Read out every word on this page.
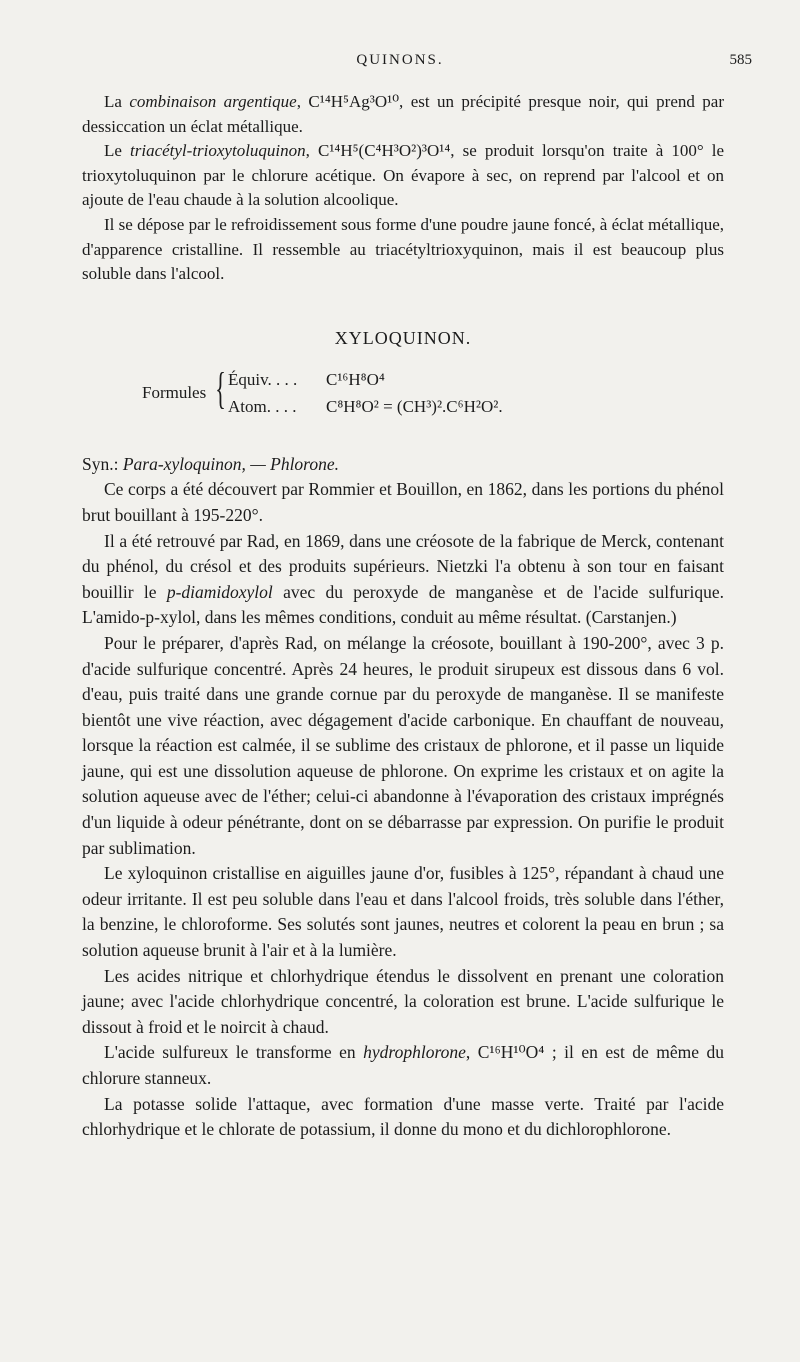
QUINONS.	585

La combinaison argentique, C¹⁴H⁵Ag³O¹⁰, est un précipité presque noir, qui prend par dessiccation un éclat métallique.

Le triacétyl-trioxytoluquinon, C¹⁴H⁵(C⁴H³O²)³O¹⁴, se produit lorsqu'on traite à 100° le trioxytoluquinon par le chlorure acétique. On évapore à sec, on reprend par l'alcool et on ajoute de l'eau chaude à la solution alcoolique.

Il se dépose par le refroidissement sous forme d'une poudre jaune foncé, à éclat métallique, d'apparence cristalline. Il ressemble au triacétyltrioxyquinon, mais il est beaucoup plus soluble dans l'alcool.

XYLOQUINON.
Formules { Équiv. . . . C¹⁶H⁸O⁴
Atom. . . . C⁸H⁸O² = (CH³)².C⁶H²O².

Syn.: Para-xyloquinon, — Phlorone.

Ce corps a été découvert par Rommier et Bouillon, en 1862, dans les portions du phénol brut bouillant à 195-220°.

Il a été retrouvé par Rad, en 1869, dans une créosote de la fabrique de Merck, contenant du phénol, du crésol et des produits supérieurs. Nietzki l'a obtenu à son tour en faisant bouillir le p-diamidoxylol avec du peroxyde de manganèse et de l'acide sulfurique. L'amido-p-xylol, dans les mêmes conditions, conduit au même résultat. (Carstanjen.)

Pour le préparer, d'après Rad, on mélange la créosote, bouillant à 190-200°, avec 3 p. d'acide sulfurique concentré. Après 24 heures, le produit sirupeux est dissous dans 6 vol. d'eau, puis traité dans une grande cornue par du peroxyde de manganèse. Il se manifeste bientôt une vive réaction, avec dégagement d'acide carbonique. En chauffant de nouveau, lorsque la réaction est calmée, il se sublime des cristaux de phlorone, et il passe un liquide jaune, qui est une dissolution aqueuse de phlorone. On exprime les cristaux et on agite la solution aqueuse avec de l'éther; celui-ci abandonne à l'évaporation des cristaux imprégnés d'un liquide à odeur pénétrante, dont on se débarrasse par expression. On purifie le produit par sublimation.

Le xyloquinon cristallise en aiguilles jaune d'or, fusibles à 125°, répandant à chaud une odeur irritante. Il est peu soluble dans l'eau et dans l'alcool froids, très soluble dans l'éther, la benzine, le chloroforme. Ses solutés sont jaunes, neutres et colorent la peau en brun ; sa solution aqueuse brunit à l'air et à la lumière.

Les acides nitrique et chlorhydrique étendus le dissolvent en prenant une coloration jaune; avec l'acide chlorhydrique concentré, la coloration est brune. L'acide sulfurique le dissout à froid et le noircit à chaud.

L'acide sulfureux le transforme en hydrophlorone, C¹⁶H¹⁰O⁴ ; il en est de même du chlorure stanneux.

La potasse solide l'attaque, avec formation d'une masse verte. Traité par l'acide chlorhydrique et le chlorate de potassium, il donne du mono et du dichlorophlorone.
